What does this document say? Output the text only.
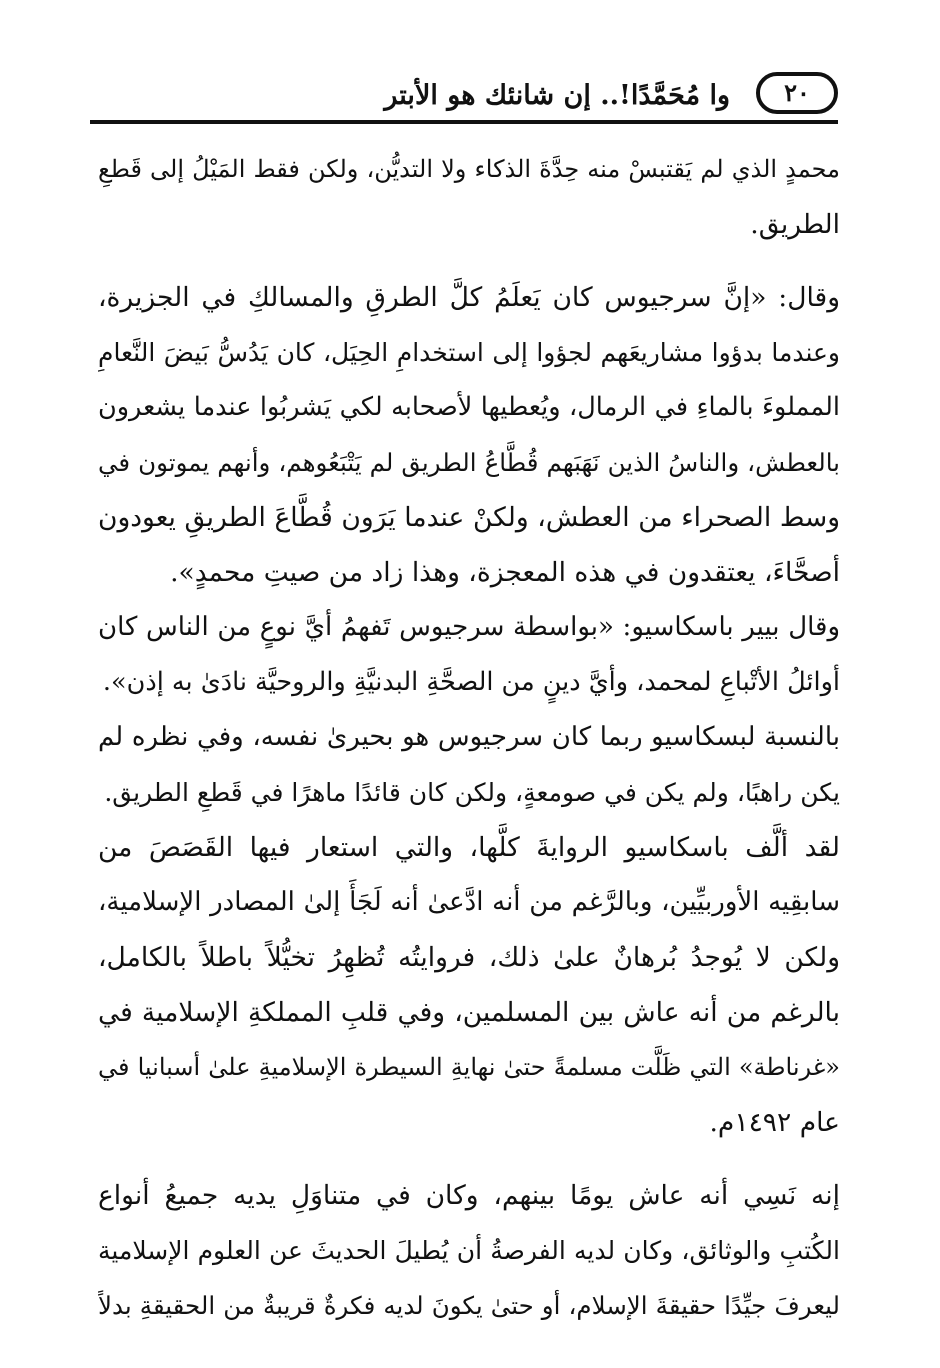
٢٠
وا مُحَمَّدًا!.. إن شانئك هو الأبتر
محمدٍ الذي لم يَقتبسْ منه حِدَّةَ الذكاء ولا التديُّن، ولكن فقط المَيْلُ إلى قَطعِ
الطريق.
وقال: «إنَّ سرجيوس كان يَعلَمُ كلَّ الطرقِ والمسالكِ في الجزيرة،
وعندما بدؤوا مشاريعَهم لجؤوا إلى استخدامِ الحِيَل، كان يَدُسُّ بَيضَ النَّعامِ
المملوءَ بالماءِ في الرمال، ويُعطيها لأصحابه لكي يَشربُوا عندما يشعرون
بالعطش، والناسُ الذين نَهَبَهم قُطَّاعُ الطريق لم يَتْبَعُوهم، وأنهم يموتون في
وسط الصحراء من العطش، ولكنْ عندما يَرَون قُطَّاعَ الطريقِ يعودون
أصحَّاءَ، يعتقدون في هذه المعجزة، وهذا زاد من صيتِ محمدٍ».
وقال بيير باسكاسيو: «بواسطة سرجيوس تَفهمُ أيَّ نوعٍ من الناس كان
أوائلُ الأتْباعِ لمحمد، وأيَّ دينٍ من الصحَّةِ البدنيَّةِ والروحيَّة نادَىٰ به إذن».
بالنسبة لبسكاسيو ربما كان سرجيوس هو بحيرىٰ نفسه، وفي نظره لم
يكن راهبًا، ولم يكن في صومعةٍ، ولكن كان قائدًا ماهرًا في قَطعِ الطريق.
لقد ألَّف باسكاسيو الروايةَ كلَّها، والتي استعار فيها القَصَصَ من
سابقِيه الأوربيِّين، وبالرَّغم من أنه ادَّعىٰ أنه لَجَأَ إلىٰ المصادر الإسلامية،
ولكن لا يُوجدُ بُرهانٌ علىٰ ذلك، فروايتُه تُظهِرُ تخيُّلاً باطلاً بالكامل،
بالرغم من أنه عاش بين المسلمين، وفي قلبِ المملكةِ الإسلامية في
«غرناطة» التي ظَلَّت مسلمةً حتىٰ نهايةِ السيطرة الإسلاميةِ علىٰ أسبانيا في
عام ١٤٩٢م.
إنه نَسِي أنه عاش يومًا بينهم، وكان في متناوَلِ يديه جميعُ أنواع
الكُتبِ والوثائق، وكان لديه الفرصةُ أن يُطيلَ الحديثَ عن العلوم الإسلامية
ليعرفَ جيِّدًا حقيقةَ الإسلام، أو حتىٰ يكونَ لديه فكرةٌ قريبةٌ من الحقيقةِ بدلاً
